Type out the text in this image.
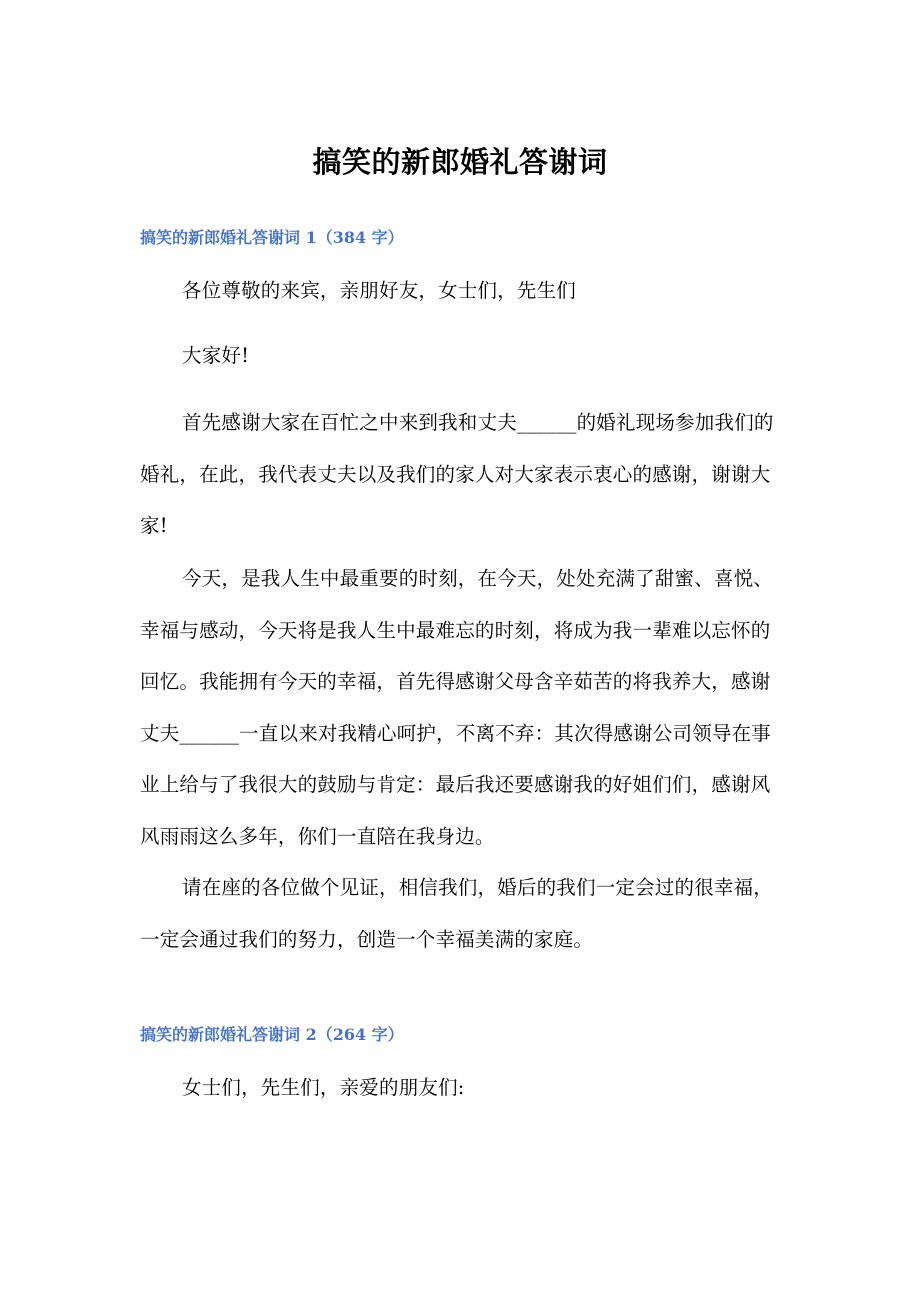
搞笑的新郎婚礼答谢词
搞笑的新郎婚礼答谢词 1（384 字）

各位尊敬的来宾，亲朋好友，女士们，先生们

大家好!

首先感谢大家在百忙之中来到我和丈夫______的婚礼现场参加我们的婚礼，在此，我代表丈夫以及我们的家人对大家表示衷心的感谢，谢谢大家!

今天，是我人生中最重要的时刻，在今天，处处充满了甜蜜、喜悦、幸福与感动，今天将是我人生中最难忘的时刻，将成为我一辈难以忘怀的回忆。我能拥有今天的幸福，首先得感谢父母含辛茹苦的将我养大，感谢丈夫______一直以来对我精心呵护，不离不弃：其次得感谢公司领导在事业上给与了我很大的鼓励与肯定：最后我还要感谢我的好姐们们，感谢风风雨雨这么多年，你们一直陪在我身边。

请在座的各位做个见证，相信我们，婚后的我们一定会过的很幸福，一定会通过我们的努力，创造一个幸福美满的家庭。

搞笑的新郎婚礼答谢词 2（264 字）

女士们，先生们，亲爱的朋友们:
